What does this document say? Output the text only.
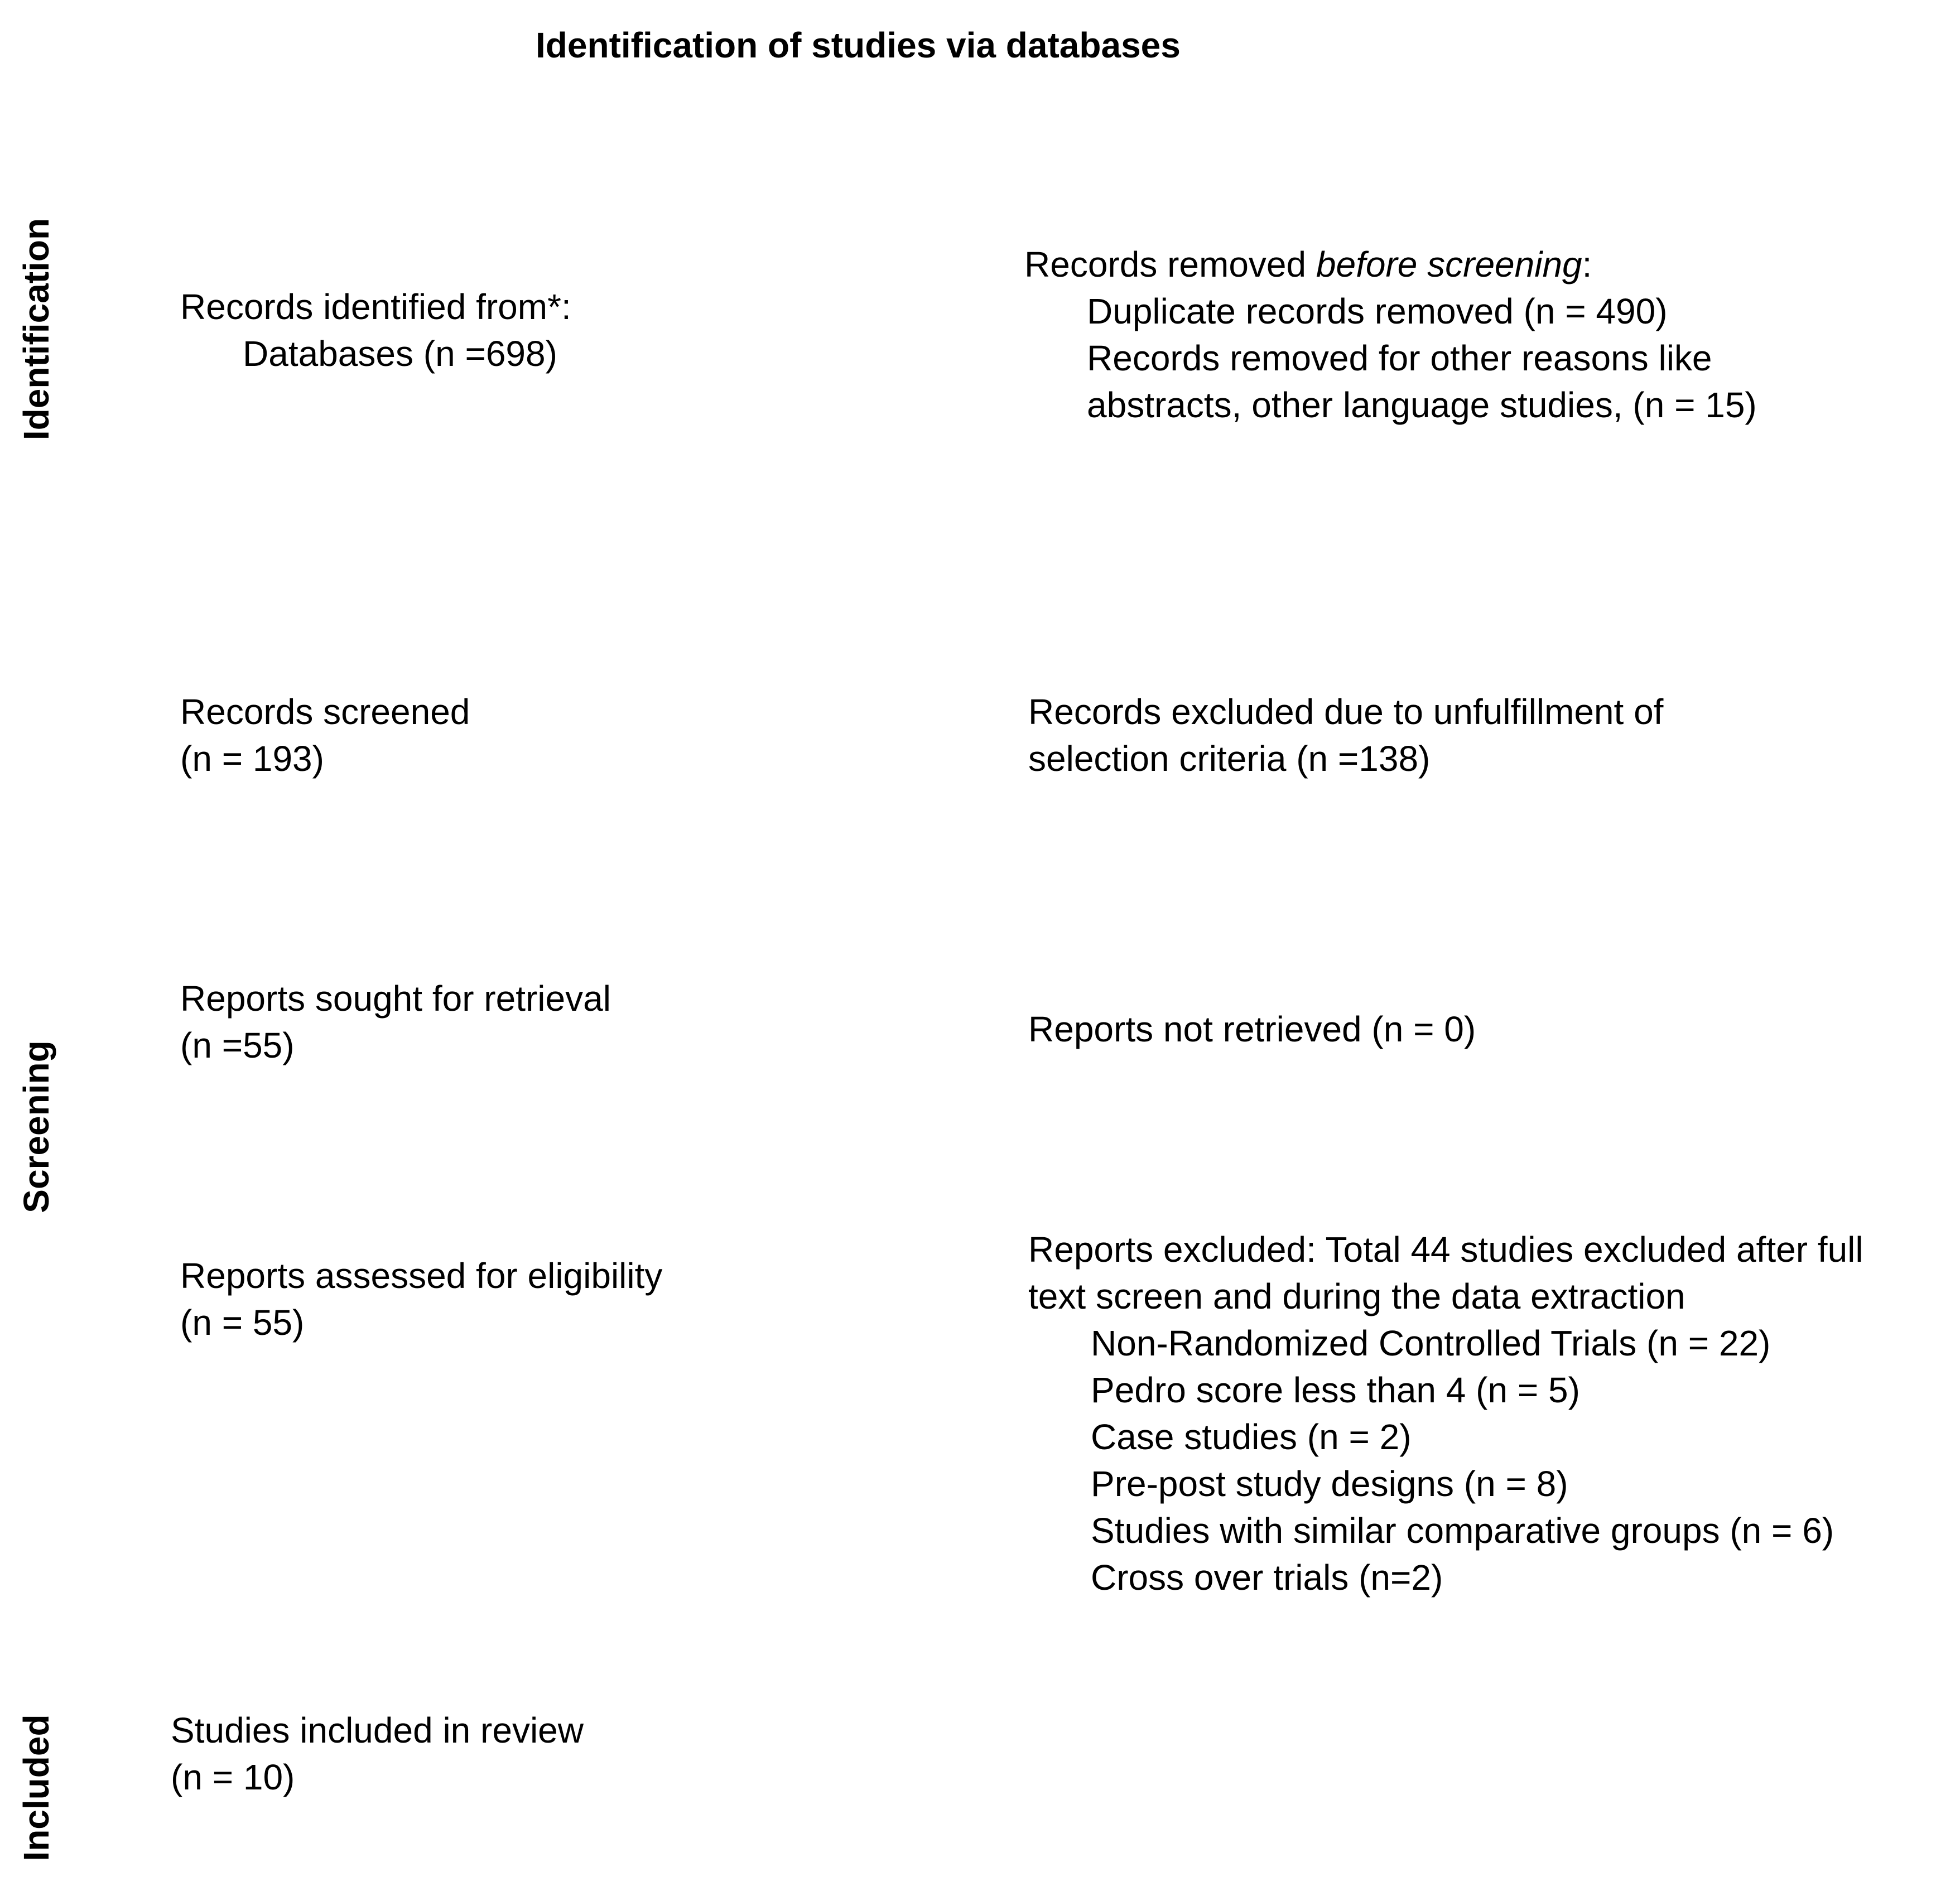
Identification of studies via databases
Identification
Screening
Included
Records identified from*:
Databases (n =698)
Records removed before screening:
Duplicate records removed (n = 490)
Records removed for other reasons like
abstracts, other language studies, (n = 15)
Records screened
(n = 193)
Records excluded due to unfulfillment of
selection criteria (n =138)
Reports sought for retrieval
(n =55)	Reports not retrieved (n = 0)
Reports assessed for eligibility
(n = 55)
Reports excluded: Total 44 studies excluded after full
text screen and during the data extraction
Non-Randomized Controlled Trials (n = 22)
Pedro score less than 4 (n = 5)
Case studies (n = 2)
Pre-post study designs (n = 8)
Studies with similar comparative groups (n = 6)
Cross over trials (n=2)
Studies included in review
(n = 10)
